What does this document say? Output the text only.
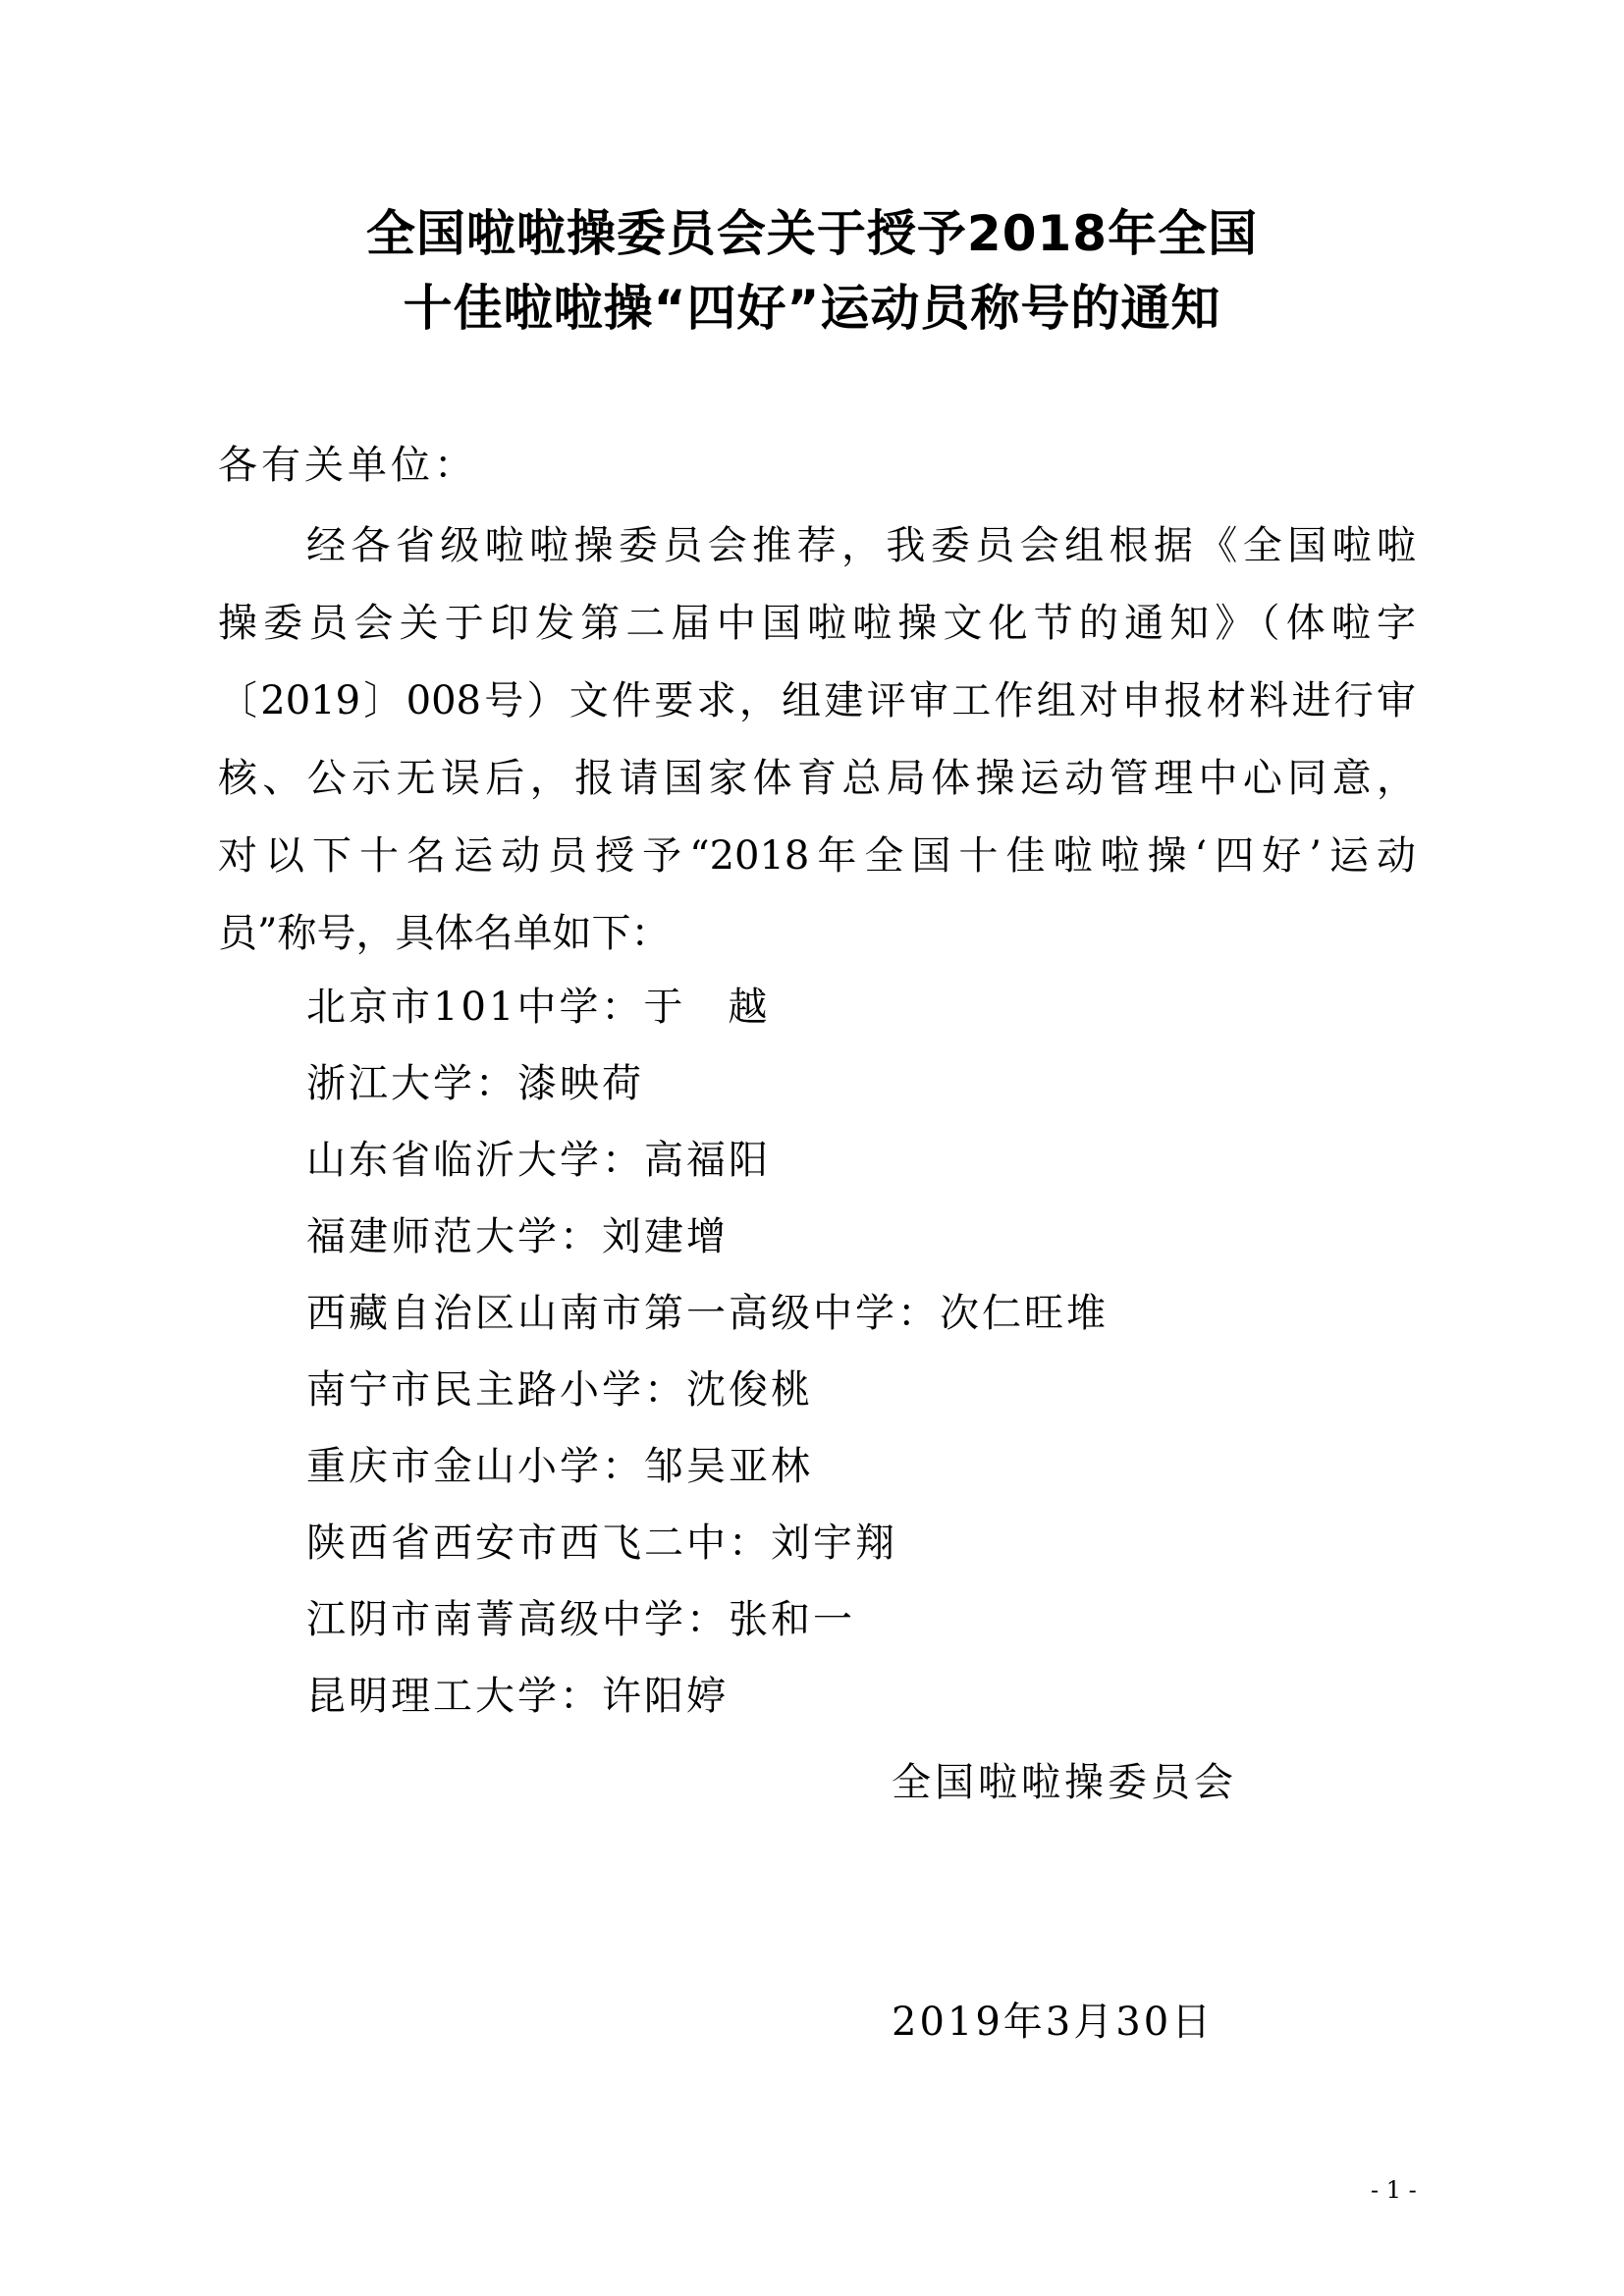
全国啦啦操委员会关于授予2018年全国
十佳啦啦操“四好”运动员称号的通知
各有关单位：
经各省级啦啦操委员会推荐，我委员会组根据《全国啦啦
操委员会关于印发第二届中国啦啦操文化节的通知》（体啦字
〔2019〕008号）文件要求，组建评审工作组对申报材料进行审
核、公示无误后，报请国家体育总局体操运动管理中心同意，
对以下十名运动员授予“2018年全国十佳啦啦操‘四好’运动
员”称号，具体名单如下：
北京市101中学：于　越
浙江大学：漆映荷
山东省临沂大学：高福阳
福建师范大学：刘建增
西藏自治区山南市第一高级中学：次仁旺堆
南宁市民主路小学：沈俊桃
重庆市金山小学：邹吴亚林
陕西省西安市西飞二中：刘宇翔
江阴市南菁高级中学：张和一
昆明理工大学：许阳婷
全国啦啦操委员会
2019年3月30日
- 1 -
